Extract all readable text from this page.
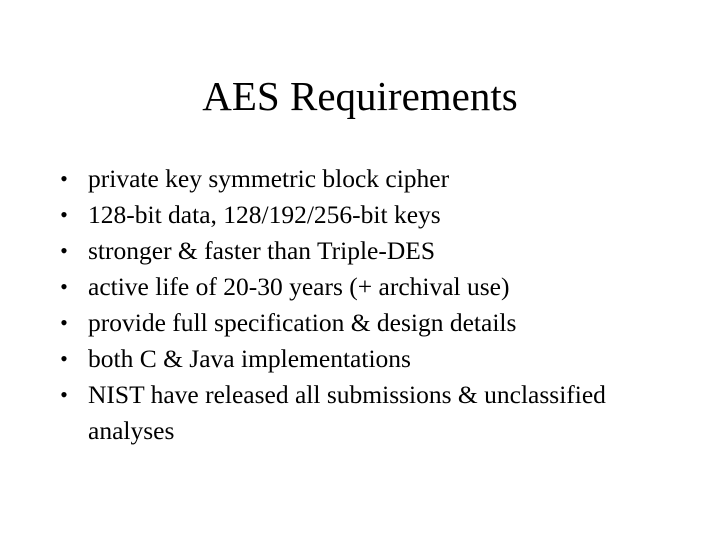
AES Requirements
• private key symmetric block cipher
• 128-bit data, 128/192/256-bit keys
• stronger & faster than Triple-DES
• active life of 20-30 years (+ archival use)
• provide full specification & design details
• both C & Java implementations
• NIST have released all submissions & unclassified analyses
